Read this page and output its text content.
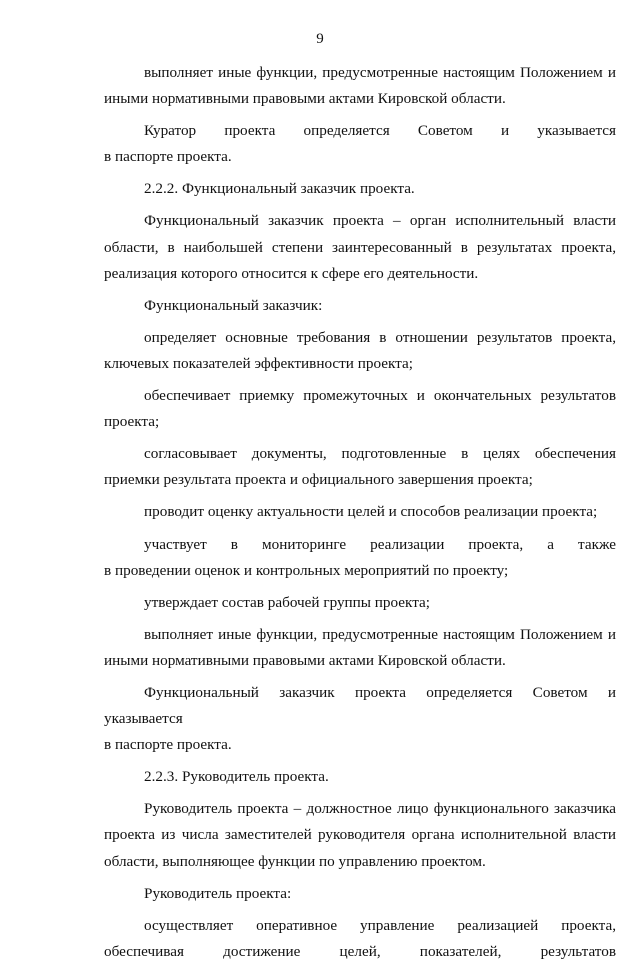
9

выполняет иные функции, предусмотренные настоящим Положением и

иными нормативными правовыми актами Кировской области.

Куратор проекта определяется Советом и указывается

в паспорте проекта.

2.2.2. Функциональный заказчик проекта.

Функциональный заказчик проекта – орган исполнительный власти области, в наибольшей степени заинтересованный в результатах проекта, реализация которого относится к сфере его деятельности.

Функциональный заказчик:

определяет основные требования в отношении результатов проекта, ключевых показателей эффективности проекта;

обеспечивает приемку промежуточных и окончательных результатов проекта;

согласовывает документы, подготовленные в целях обеспечения приемки результата проекта и официального завершения проекта;

проводит оценку актуальности целей и способов реализации проекта;

участвует в мониторинге реализации проекта, а также

в проведении оценок и контрольных мероприятий по проекту;

утверждает состав рабочей группы проекта;

выполняет иные функции, предусмотренные настоящим Положением и

иными нормативными правовыми актами Кировской области.

Функциональный заказчик проекта определяется Советом и указывается

в паспорте проекта.

2.2.3. Руководитель проекта.

Руководитель проекта – должностное лицо функционального заказчика проекта из числа заместителей руководителя органа исполнительной власти области, выполняющее функции по управлению проектом.

Руководитель проекта:

осуществляет оперативное управление реализацией проекта, обеспечивая достижение целей, показателей, результатов
